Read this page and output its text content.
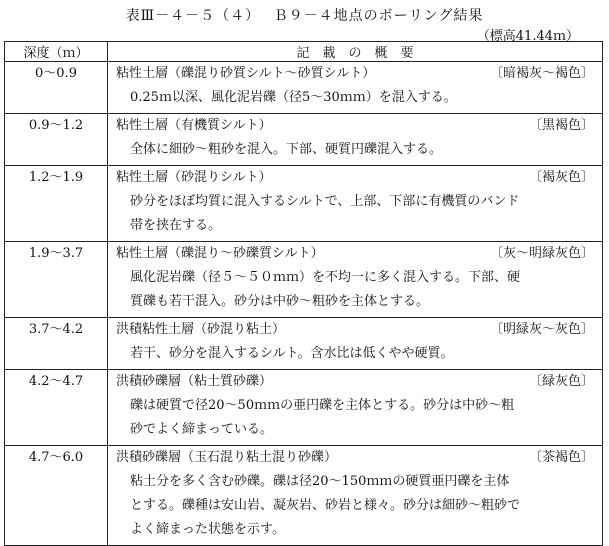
表Ⅲ－４－５（４）　 Ｂ９－４地点のボーリング結果
（標高41.44ｍ）
深度（ｍ）	記　載　の　概　要
0〜0.9	粘性土層（礫混り砂質シルト〜砂質シルト） 〔暗褐灰〜褐色〕
0.25ｍ以深、風化泥岩礫（径5〜30ｍｍ）を混入する。

0.9〜1.2	粘性土層（有機質シルト） 〔黒褐色〕
全体に細砂〜粗砂を混入。下部、硬質円礫混入する。

1.2〜1.9	粘性土層（砂混りシルト） 〔褐灰色〕
砂分をほぼ均質に混入するシルトで、上部、下部に有機質のバンド
帯を挟在する。

1.9〜3.7	粘性土層（礫混り〜砂礫質シルト） 〔灰〜明緑灰色〕
風化泥岩礫（径５〜５０ｍｍ）を不均一に多く混入する。下部、硬
質礫も若干混入。砂分は中砂〜粗砂を主体とする。

3.7〜4.2	洪積粘性土層（砂混り粘土） 〔明緑灰〜灰色〕
若干、砂分を混入するシルト。含水比は低くやや硬質。

4.2〜4.7	洪積砂礫層（粘土質砂礫） 〔緑灰色〕
礫は硬質で径20〜50ｍｍの亜円礫を主体とする。砂分は中砂〜粗
砂でよく締まっている。

4.7〜6.0	洪積砂礫層（玉石混り粘土混り砂礫） 〔茶褐色〕
粘土分を多く含む砂礫。礫は径20〜150ｍｍの硬質亜円礫を主体
とする。礫種は安山岩、凝灰岩、砂岩と様々。砂分は細砂〜粗砂で
よく締まった状態を示す。
